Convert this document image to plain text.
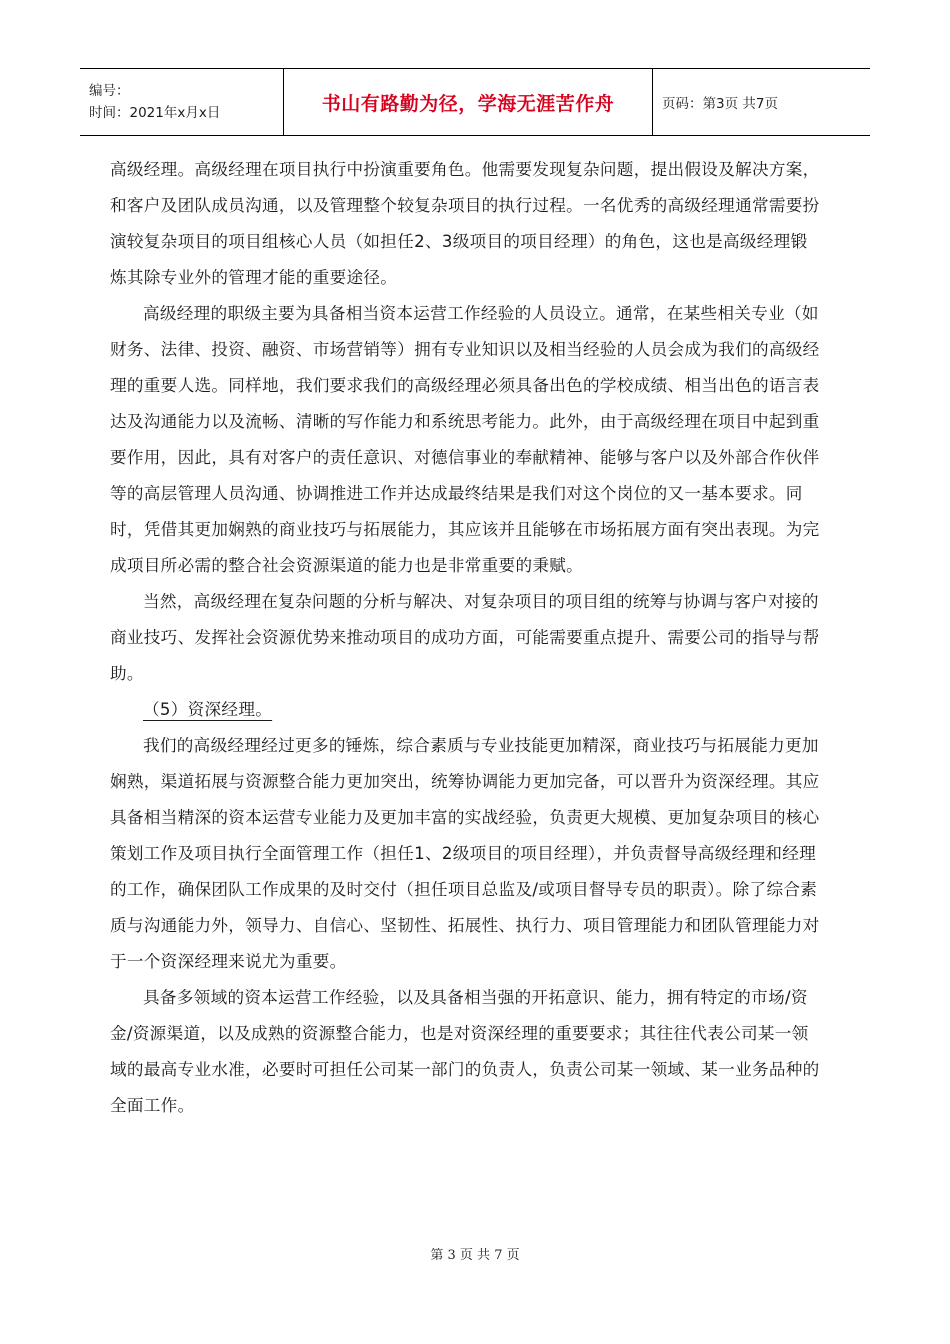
编号：
时间：2021年x月x日	书山有路勤为径，学海无涯苦作舟	页码：第3页 共7页

高级经理。高级经理在项目执行中扮演重要角色。他需要发现复杂问题，提出假设及解决方案，和客户及团队成员沟通，以及管理整个较复杂项目的执行过程。一名优秀的高级经理通常需要扮演较复杂项目的项目组核心人员（如担任2、3级项目的项目经理）的角色，这也是高级经理锻炼其除专业外的管理才能的重要途径。

高级经理的职级主要为具备相当资本运营工作经验的人员设立。通常，在某些相关专业（如财务、法律、投资、融资、市场营销等）拥有专业知识以及相当经验的人员会成为我们的高级经理的重要人选。同样地，我们要求我们的高级经理必须具备出色的学校成绩、相当出色的语言表达及沟通能力以及流畅、清晰的写作能力和系统思考能力。此外，由于高级经理在项目中起到重要作用，因此，具有对客户的责任意识、对德信事业的奉献精神、能够与客户以及外部合作伙伴等的高层管理人员沟通、协调推进工作并达成最终结果是我们对这个岗位的又一基本要求。同时，凭借其更加娴熟的商业技巧与拓展能力，其应该并且能够在市场拓展方面有突出表现。为完成项目所必需的整合社会资源渠道的能力也是非常重要的秉赋。

当然，高级经理在复杂问题的分析与解决、对复杂项目的项目组的统筹与协调与客户对接的商业技巧、发挥社会资源优势来推动项目的成功方面，可能需要重点提升、需要公司的指导与帮助。

（5）资深经理。

我们的高级经理经过更多的锤炼，综合素质与专业技能更加精深，商业技巧与拓展能力更加娴熟，渠道拓展与资源整合能力更加突出，统筹协调能力更加完备，可以晋升为资深经理。其应具备相当精深的资本运营专业能力及更加丰富的实战经验，负责更大规模、更加复杂项目的核心策划工作及项目执行全面管理工作（担任1、2级项目的项目经理），并负责督导高级经理和经理的工作，确保团队工作成果的及时交付（担任项目总监及/或项目督导专员的职责）。除了综合素质与沟通能力外，领导力、自信心、坚韧性、拓展性、执行力、项目管理能力和团队管理能力对于一个资深经理来说尤为重要。

具备多领域的资本运营工作经验，以及具备相当强的开拓意识、能力，拥有特定的市场/资金/资源渠道，以及成熟的资源整合能力，也是对资深经理的重要要求；其往往代表公司某一领域的最高专业水准，必要时可担任公司某一部门的负责人，负责公司某一领域、某一业务品种的全面工作。

第 3 页 共 7 页
